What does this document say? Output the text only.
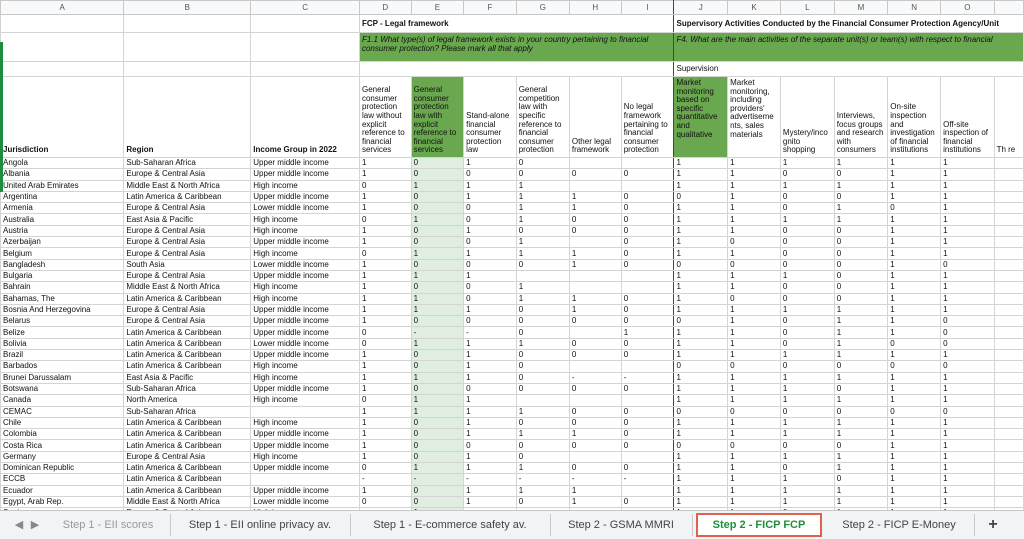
A	B	C	D	E	F	G	H	I	J	K	L	M	N	O	
			FCP - Legal framework						Supervisory Activities Conducted by the Financial Consumer Protection Agency/Unit						
			F1.1 What type(s) of legal framework exists in your country pertaining to financial consumer protection? Please mark all that apply						F4. What are the main activities of the separate unit(s) or team(s) with respect to financial						
									Supervision						
Jurisdiction	Region	Income Group in 2022	General consumer protection law without explicit reference to financial services	General consumer protection law with explicit reference to financial services	Stand-alone financial consumer protection law	General competition law with specific reference to financial consumer protection	Other legal framework	No legal framework pertaining to financial consumer protection	Market monitoring based on specific quantitative and qualitative	Market monitoring, including providers' advertiseme nts, sales materials	Mystery/inco gnito shopping	Interviews, focus groups and research with consumers	On-site inspection and investigation of financial institutions	Off-site inspection of financial institutions	Th re
Angola	Sub-Saharan Africa	Upper middle income	1	0	1	0			1	1	1	1	1	1	
Albania	Europe & Central Asia	Upper middle income	1	0	0	0	0	0	1	1	0	0	1	1	
United Arab Emirates	Middle East & North Africa	High income	0	1	1	1			1	1	1	1	1	1	
Argentina	Latin America & Caribbean	Upper middle income	1	0	1	1	1	0	0	1	0	0	1	1	
Armenia	Europe & Central Asia	Lower middle income	1	0	0	1	1	0	1	1	0	1	0	1	
Australia	East Asia & Pacific	High income	0	1	0	1	0	0	1	1	1	1	1	1	
Austria	Europe & Central Asia	High income	1	0	1	0	0	0	1	1	0	0	1	1	
Azerbaijan	Europe & Central Asia	Upper middle income	1	0	0	1		0	1	0	0	0	1	1	
Belgium	Europe & Central Asia	High income	0	1	1	1	1	0	1	1	0	0	1	1	
Bangladesh	South Asia	Lower middle income	1	0	0	0	1	0	0	0	0	0	1	0	
Bulgaria	Europe & Central Asia	Upper middle income	1	1	1				1	1	1	0	1	1	
Bahrain	Middle East & North Africa	High income	1	0	0	1			1	1	0	0	1	1	
Bahamas, The	Latin America & Caribbean	High income	1	1	0	1	1	0	1	0	0	0	1	1	
Bosnia And Herzegovina	Europe & Central Asia	Upper middle income	1	1	1	0	1	0	1	1	1	1	1	1	
Belarus	Europe & Central Asia	Upper middle income	1	0	0	0	0	0	0	1	0	1	1	0	
Belize	Latin America & Caribbean	Upper middle income	0	-	-	0		1	1	1	0	1	1	0	
Bolivia	Latin America & Caribbean	Lower middle income	0	1	1	1	0	0	1	1	0	1	0	0	
Brazil	Latin America & Caribbean	Upper middle income	1	0	1	0	0	0	1	1	1	1	1	1	
Barbados	Latin America & Caribbean	High income	1	0	1	0			0	0	0	0	0	0	
Brunei Darussalam	East Asia & Pacific	High income	1	1	1	0	-	-	1	1	1	1	1	1	
Botswana	Sub-Saharan Africa	Upper middle income	1	0	0	0	0	0	1	1	1	0	1	1	
Canada	North America	High income	0	1	1				1	1	1	1	1	1	
CEMAC	Sub-Saharan Africa		1	1	1	1	0	0	0	0	0	0	0	0	
Chile	Latin America & Caribbean	High income	1	0	1	0	0	0	1	1	1	1	1	1	
Colombia	Latin America & Caribbean	Upper middle income	1	0	1	1	1	0	1	1	1	1	1	1	
Costa Rica	Latin America & Caribbean	Upper middle income	1	0	0	0	0	0	0	0	0	0	1	1	
Germany	Europe & Central Asia	High income	1	0	1	0			1	1	1	1	1	1	
Dominican Republic	Latin America & Caribbean	Upper middle income	0	1	1	1	0	0	1	1	0	1	1	1	
ECCB	Latin America & Caribbean		-	-	-	-	-	-	1	1	1	0	1	1	
Ecuador	Latin America & Caribbean	Upper middle income	1	0	1	1	1		1	1	1	1	1	1	
Egypt, Arab Rep.	Middle East & North Africa	Lower middle income	0	0	1	0	1	0	1	1	1	1	1	1	

◀ ▶	Step 1 - EII scores	Step 1 - EII online privacy av.	Step 1 - E-commerce safety av.	Step 2 - GSMA MMRI	Step 2 - FICP FCP	Step 2 - FICP E-Money	+
